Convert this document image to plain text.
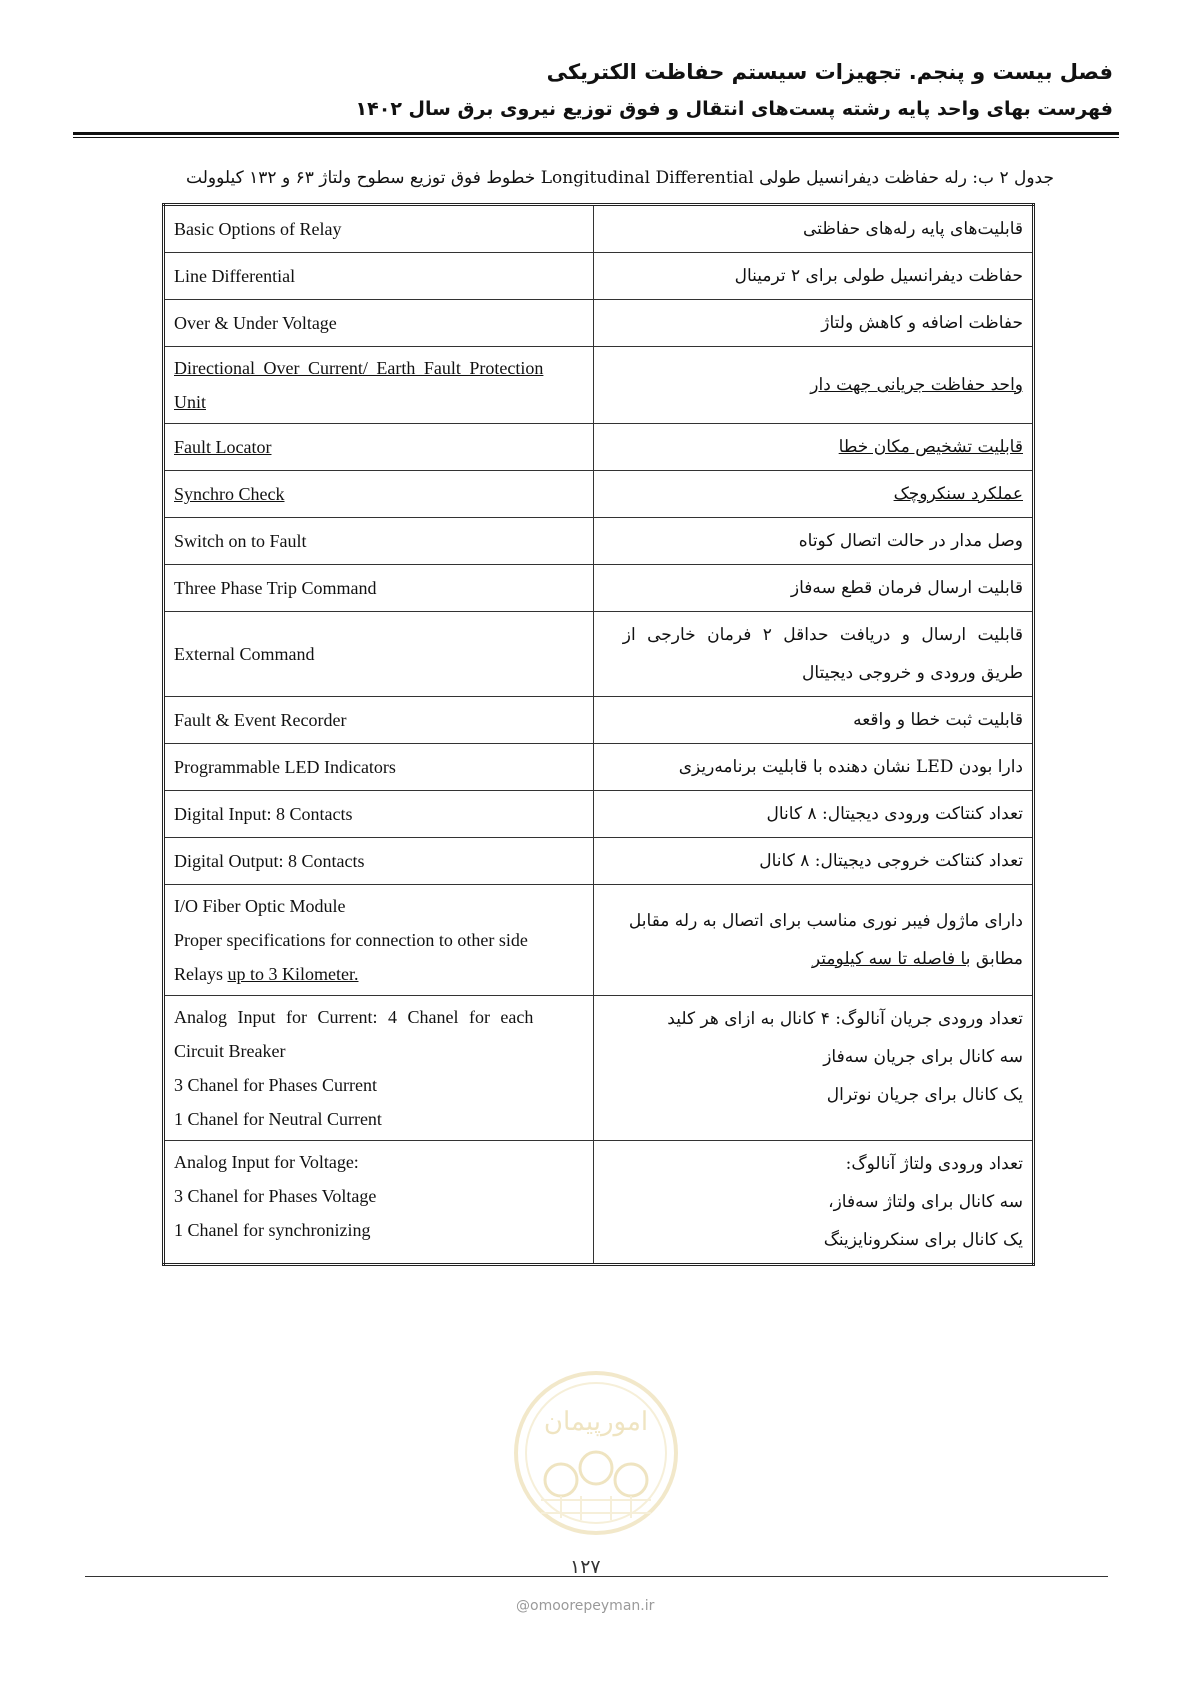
فصل بیست و پنجم. تجهیزات سیستم حفاظت الکتریکی
فهرست بهای واحد پایه رشته پست‌های انتقال و فوق توزیع نیروی برق سال ۱۴۰۲
جدول ۲ ب: رله حفاظت دیفرانسیل طولی Longitudinal Differential خطوط فوق توزیع سطوح ولتاژ ۶۳ و ۱۳۲ کیلوولت
Basic Options of Relay	قابلیت‌های پایه رله‌های حفاظتی
Line Differential	حفاظت دیفرانسیل طولی برای ۲ ترمینال
Over & Under Voltage	حفاظت اضافه و کاهش ولتاژ

Directional Over Current/ Earth Fault Protection
Unit	واحد حفاظت جریانی جهت دار
Fault Locator	قابلیت تشخیص مکان خطا
Synchro Check	عملکرد سنکروچک
Switch on to Fault	وصل مدار در حالت اتصال کوتاه
Three Phase Trip Command	قابلیت ارسال فرمان قطع سه‌فاز
External Command	قابلیت ارسال و دریافت حداقل ۲ فرمان خارجی از
طریق ورودی و خروجی دیجیتال

Fault & Event Recorder	قابلیت ثبت خطا و واقعه
Programmable LED Indicators	دارا بودن LED نشان دهنده با قابلیت برنامه‌ریزی
Digital Input: 8 Contacts	تعداد کنتاکت ورودی دیجیتال: ۸ کانال
Digital Output: 8 Contacts	تعداد کنتاکت خروجی دیجیتال: ۸ کانال

I/O Fiber Optic Module
Proper specifications for connection to other side
Relays up to 3 Kilometer.	دارای ماژول فیبر نوری مناسب برای اتصال به رله مقابل
مطابق با فاصله تا سه کیلومتر

Analog Input for Current: 4 Chanel for each
Circuit Breaker
3 Chanel for Phases Current
1 Chanel for Neutral Current	تعداد ورودی جریان آنالوگ: ۴ کانال به ازای هر کلید
سه کانال برای جریان سه‌فاز
یک کانال برای جریان نوترال

Analog Input for Voltage:
3 Chanel for Phases Voltage
1 Chanel for synchronizing	تعداد ورودی ولتاژ آنالوگ:
سه کانال برای ولتاژ سه‌فاز،
یک کانال برای سنکرونایزینگ
امورپیمان
۱۲۷
@omoorepeyman.ir
